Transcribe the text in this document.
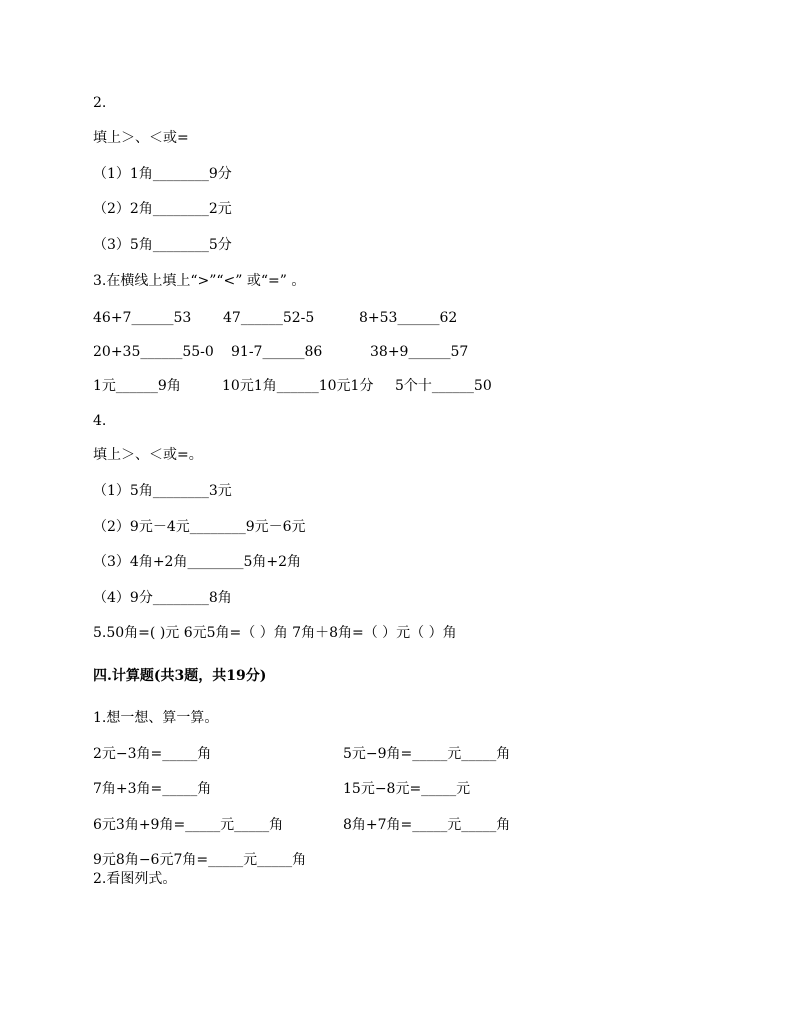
2.
填上＞、＜或=
（1）1角________9分
（2）2角________2元
（3）5角________5分
3.在横线上填上“>”“<” 或“=” 。
46+7______53 47______52-5	8+53______62
20+35______55-0 91-7______86	38+9______57
1元______9角	10元1角______10元1分 5个十______50
4.
填上＞、＜或=。
（1）5角________3元
（2）9元－4元________9元－6元
（3）4角+2角________5角+2角
（4）9分________8角
5.50角=( )元 6元5角=（ ）角 7角＋8角=（ ）元（ ）角
四.计算题(共3题，共19分)
1.想一想、算一算。
2元−3角=_____角	5元−9角=_____元_____角
7角+3角=_____角	15元−8元=_____元
6元3角+9角=_____元_____角	8角+7角=_____元_____角
9元8角−6元7角=_____元_____角
2.看图列式。
